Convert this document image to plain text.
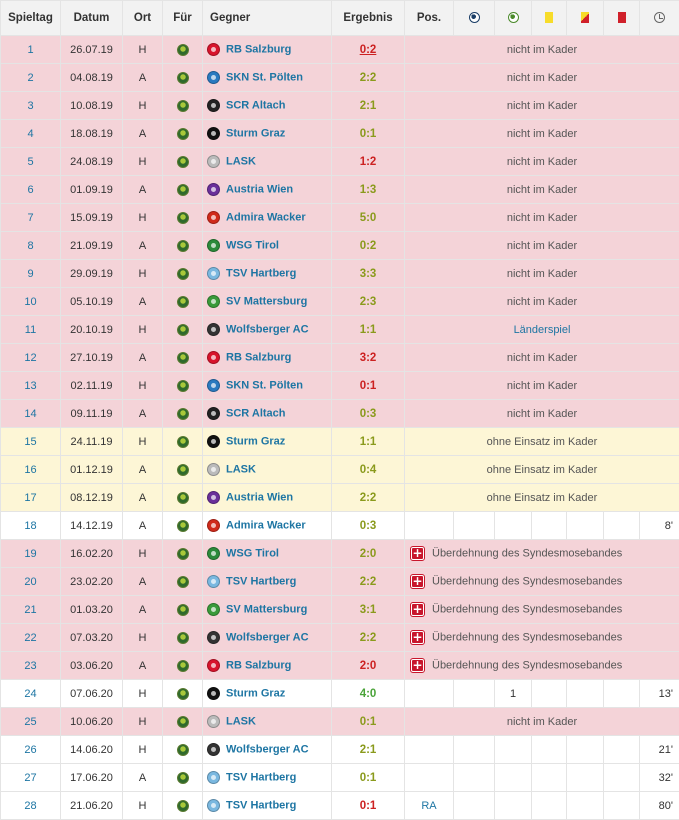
Spieltag	Datum	Ort	Für	Gegner	Ergebnis	Pos.						
1	26.07.19	H		RB Salzburg	0:2	nicht im Kader						
2	04.08.19	A		SKN St. Pölten	2:2	nicht im Kader						
3	10.08.19	H		SCR Altach	2:1	nicht im Kader						
4	18.08.19	A		Sturm Graz	0:1	nicht im Kader						
5	24.08.19	H		LASK	1:2	nicht im Kader						
6	01.09.19	A		Austria Wien	1:3	nicht im Kader						
7	15.09.19	H		Admira Wacker	5:0	nicht im Kader						
8	21.09.19	A		WSG Tirol	0:2	nicht im Kader						
9	29.09.19	H		TSV Hartberg	3:3	nicht im Kader						
10	05.10.19	A		SV Mattersburg	2:3	nicht im Kader						
11	20.10.19	H		Wolfsberger AC	1:1	Länderspiel						
12	27.10.19	A		RB Salzburg	3:2	nicht im Kader						
13	02.11.19	H		SKN St. Pölten	0:1	nicht im Kader						
14	09.11.19	A		SCR Altach	0:3	nicht im Kader						
15	24.11.19	H		Sturm Graz	1:1	ohne Einsatz im Kader						
16	01.12.19	A		LASK	0:4	ohne Einsatz im Kader						
17	08.12.19	A		Austria Wien	2:2	ohne Einsatz im Kader						
18	14.12.19	A		Admira Wacker	0:3							8'
19	16.02.20	H		WSG Tirol	2:0	+Überdehnung des Syndesmosebandes
20	23.02.20	A		TSV Hartberg	2:2	+Überdehnung des Syndesmosebandes
21	01.03.20	A		SV Mattersburg	3:1	+Überdehnung des Syndesmosebandes
22	07.03.20	H		Wolfsberger AC	2:2	+Überdehnung des Syndesmosebandes
23	03.06.20	A		RB Salzburg	2:0	+Überdehnung des Syndesmosebandes
24	07.06.20	H		Sturm Graz	4:0			1				13'
25	10.06.20	H		LASK	0:1	nicht im Kader						
26	14.06.20	H		Wolfsberger AC	2:1							21'
27	17.06.20	A		TSV Hartberg	0:1							32'
28	21.06.20	H		TSV Hartberg	0:1	RA						80'
